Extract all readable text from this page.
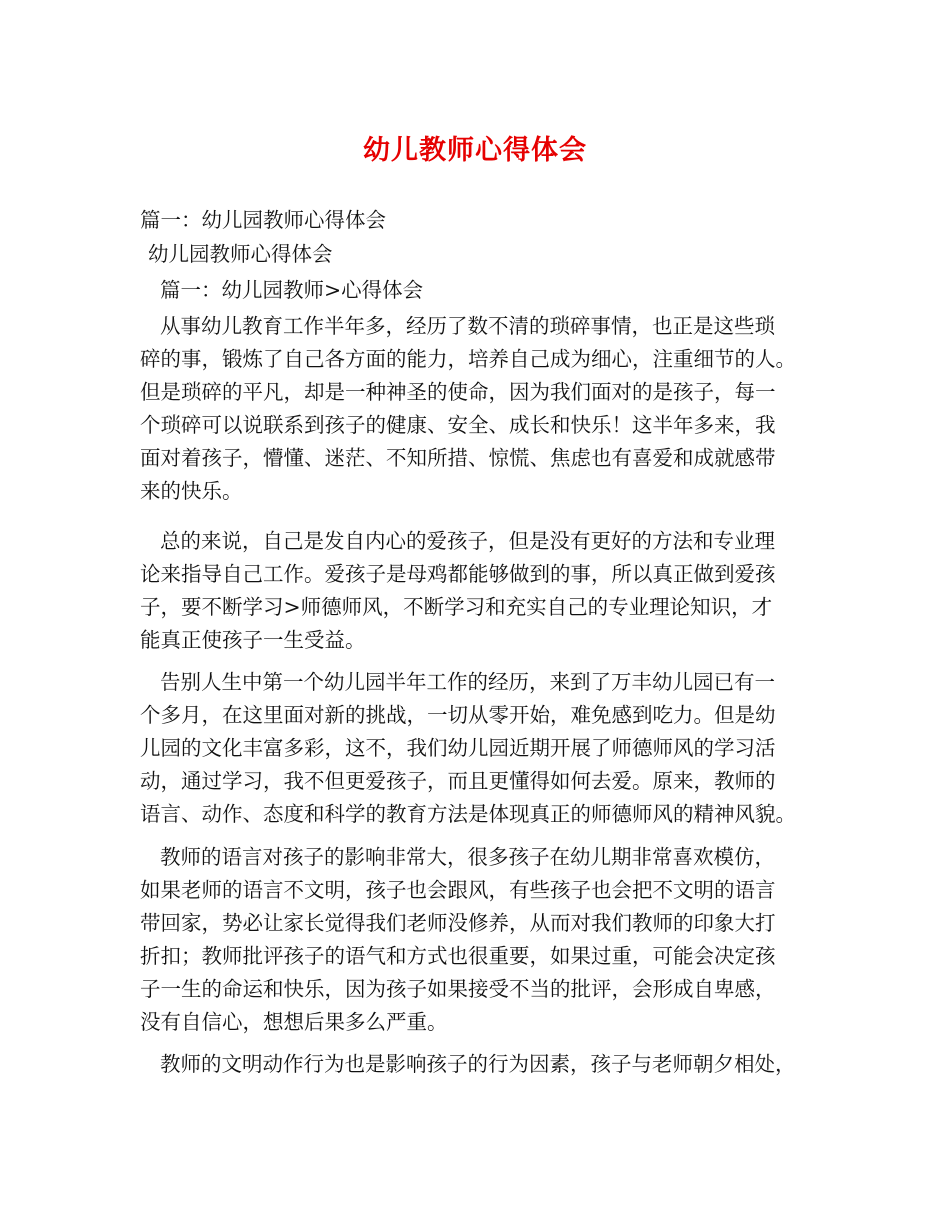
幼儿教师心得体会

篇一：幼儿园教师心得体会

幼儿园教师心得体会

篇一：幼儿园教师>心得体会

从事幼儿教育工作半年多，经历了数不清的琐碎事情，也正是这些琐

碎的事，锻炼了自己各方面的能力，培养自己成为细心，注重细节的人。

但是琐碎的平凡，却是一种神圣的使命，因为我们面对的是孩子，每一

个琐碎可以说联系到孩子的健康、安全、成长和快乐！这半年多来，我

面对着孩子，懵懂、迷茫、不知所措、惊慌、焦虑也有喜爱和成就感带

来的快乐。

总的来说，自己是发自内心的爱孩子，但是没有更好的方法和专业理

论来指导自己工作。爱孩子是母鸡都能够做到的事，所以真正做到爱孩

子，要不断学习>师德师风，不断学习和充实自己的专业理论知识，才

能真正使孩子一生受益。

告别人生中第一个幼儿园半年工作的经历，来到了万丰幼儿园已有一

个多月，在这里面对新的挑战，一切从零开始，难免感到吃力。但是幼

儿园的文化丰富多彩，这不，我们幼儿园近期开展了师德师风的学习活

动，通过学习，我不但更爱孩子，而且更懂得如何去爱。原来，教师的

语言、动作、态度和科学的教育方法是体现真正的师德师风的精神风貌。

教师的语言对孩子的影响非常大，很多孩子在幼儿期非常喜欢模仿，

如果老师的语言不文明，孩子也会跟风，有些孩子也会把不文明的语言

带回家，势必让家长觉得我们老师没修养，从而对我们教师的印象大打

折扣；教师批评孩子的语气和方式也很重要，如果过重，可能会决定孩

子一生的命运和快乐，因为孩子如果接受不当的批评，会形成自卑感，

没有自信心，想想后果多么严重。

教师的文明动作行为也是影响孩子的行为因素，孩子与老师朝夕相处，
